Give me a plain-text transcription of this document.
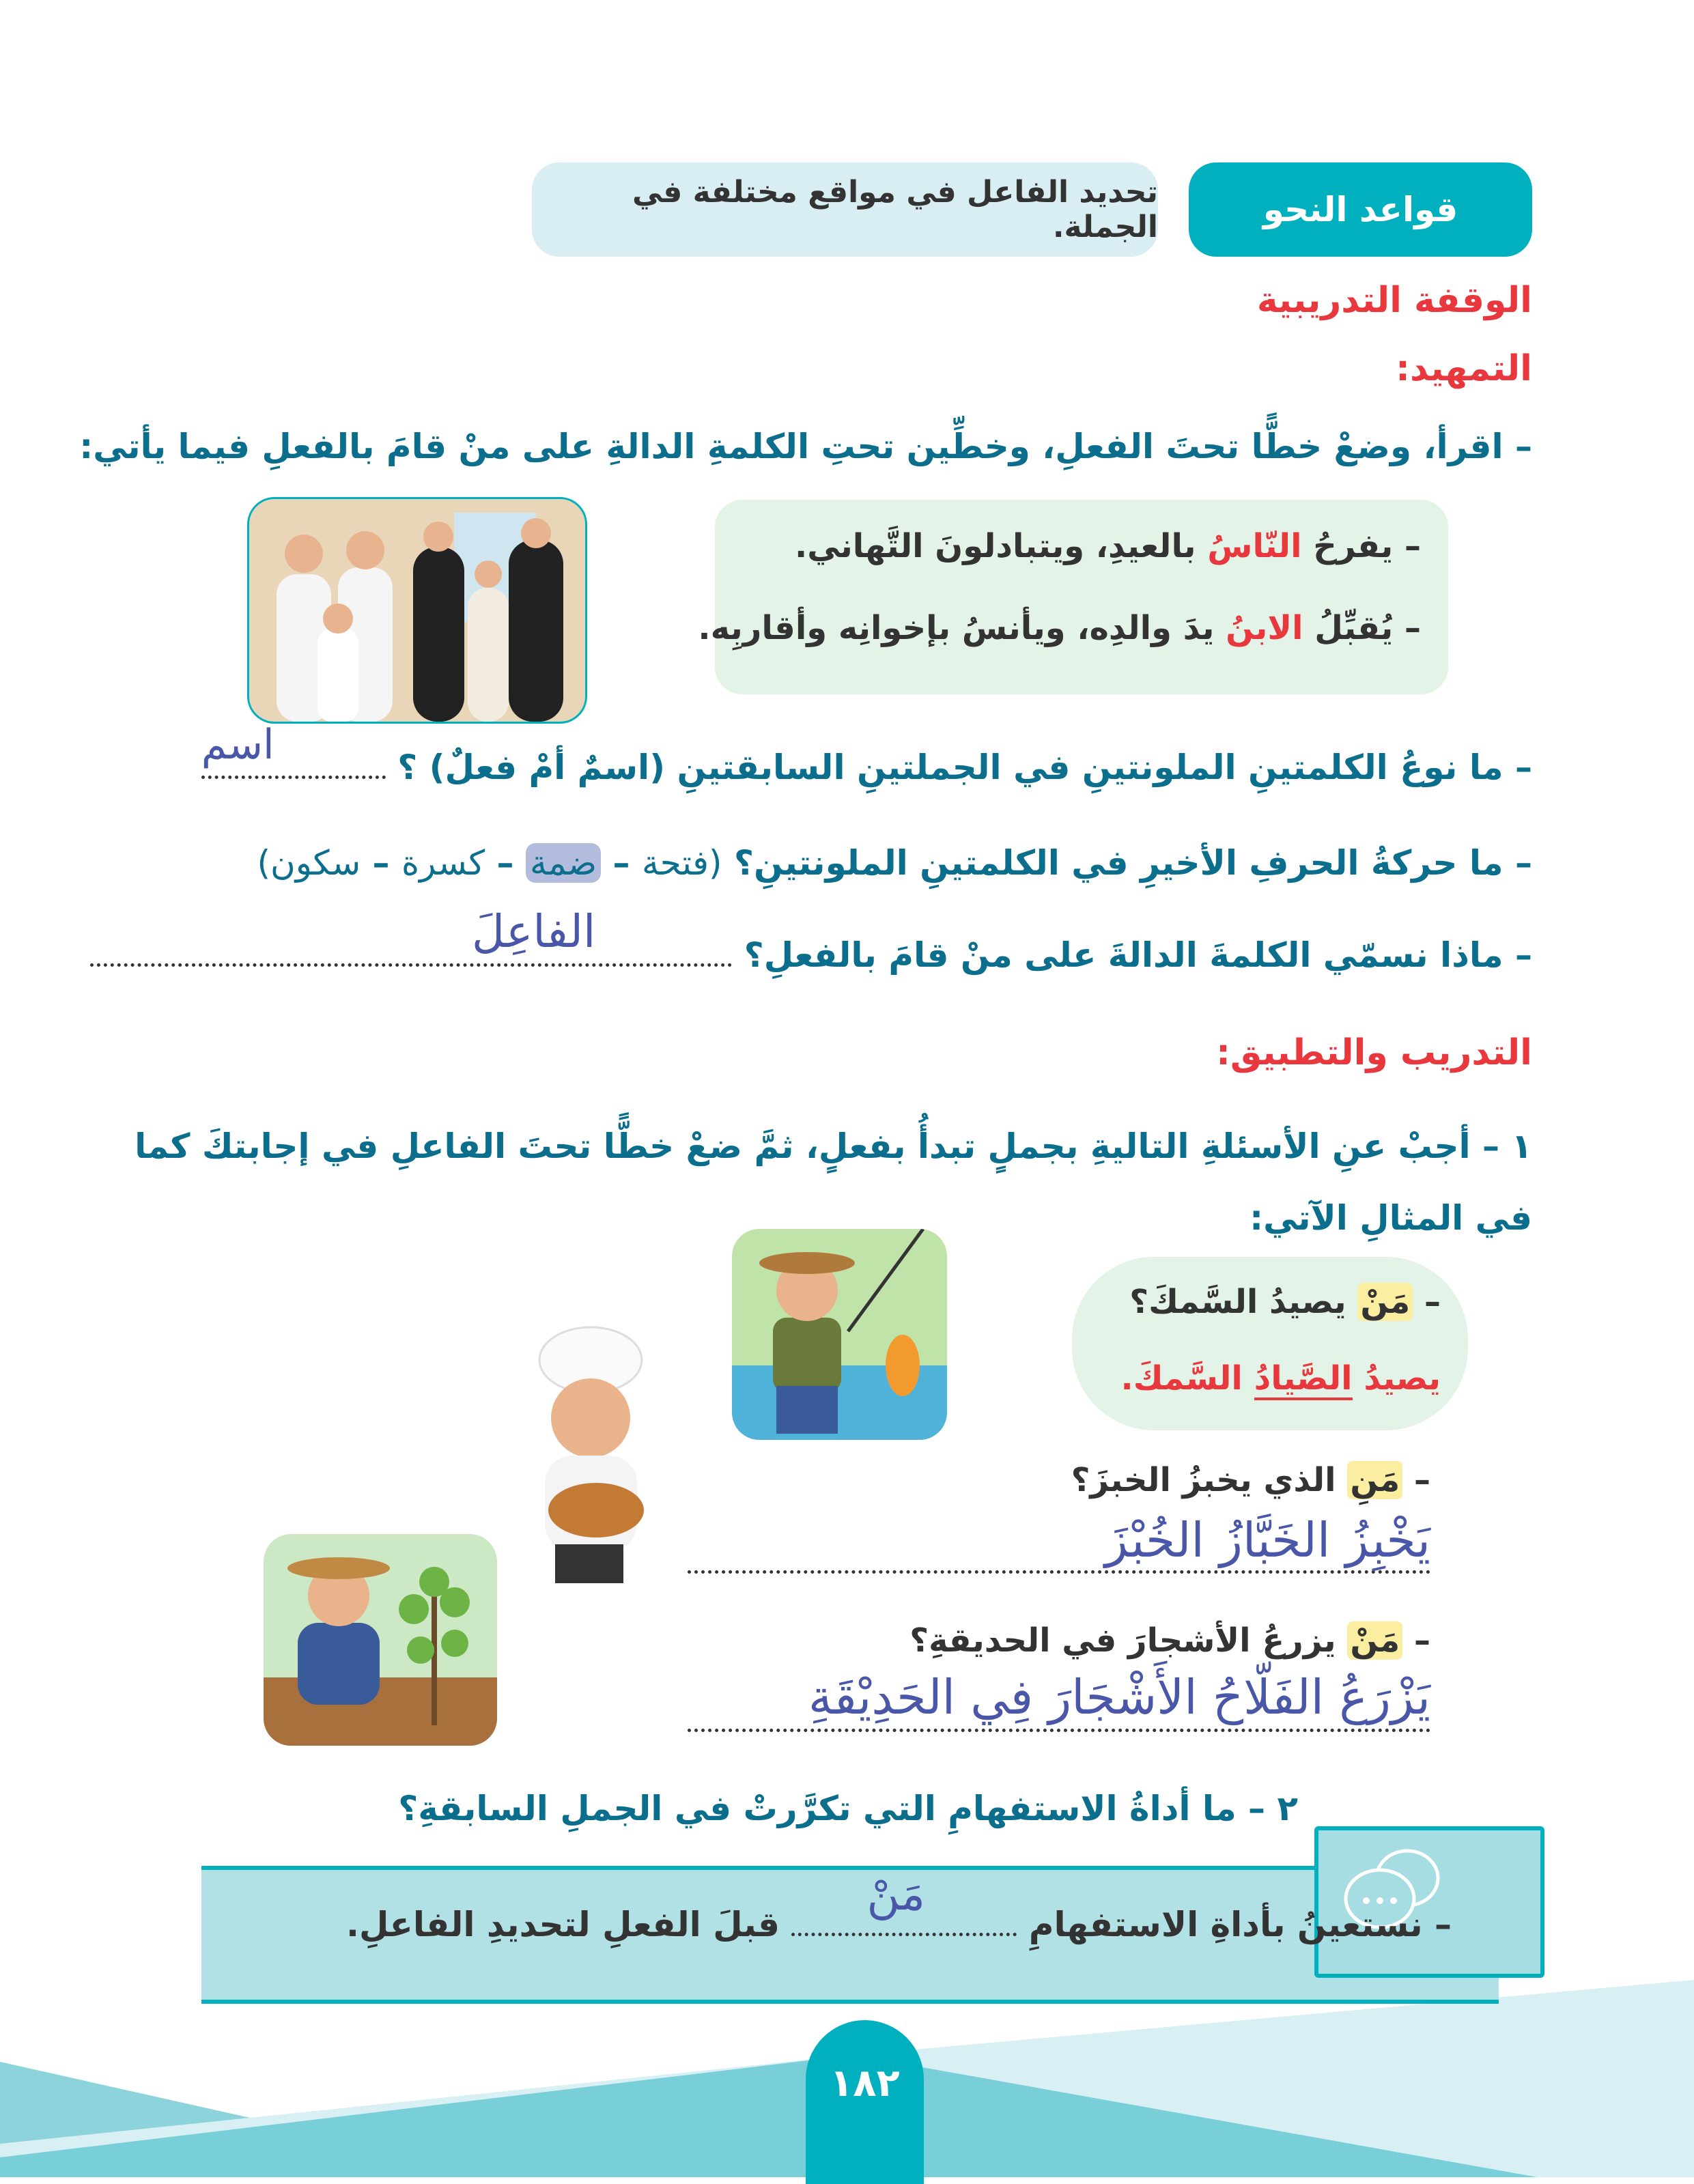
قواعد النحو
تحديد الفاعل في مواقع مختلفة في الجملة.
الوقفة التدريبية
التمهيد:
– اقرأ، وضعْ خطًّا تحتَ الفعلِ، وخطِّين تحتِ الكلمةِ الدالةِ على منْ قامَ بالفعلِ فيما يأتي:
– يفرحُ النّاسُ بالعيدِ، ويتبادلونَ التَّهاني.
– يُقبِّلُ الابنُ يدَ والدِه، ويأنسُ بإخوانِه وأقاربِه.
– ما نوعُ الكلمتينِ الملونتينِ في الجملتينِ السابقتينِ (اسمٌ أمْ فعلٌ) ؟
اسم
– ما حركةُ الحرفِ الأخيرِ في الكلمتينِ الملونتينِ؟ (فتحة – ضمة – كسرة – سكون)
– ماذا نسمّي الكلمةَ الدالةَ على منْ قامَ بالفعلِ؟
الفاعِلَ
التدريب والتطبيق:
١ – أجبْ عنِ الأسئلةِ التاليةِ بجملٍ تبدأُ بفعلٍ، ثمَّ ضعْ خطًّا تحتَ الفاعلِ في إجابتكَ كما
في المثالِ الآتي:
– مَنْ يصيدُ السَّمكَ؟
يصيدُ الصَّيادُ السَّمكَ.
– مَنِ الذي يخبزُ الخبزَ؟
يَخْبِزُ الخَبَّازُ الخُبْزَ
– مَنْ يزرعُ الأشجارَ في الحديقةِ؟
يَزْرَعُ الفَلّاحُ الأَشْجَارَ فِي الحَدِيْقَةِ
٢ – ما أداةُ الاستفهامِ التي تكرَّرتْ في الجملِ السابقةِ؟
– نستعينُ بأداةِ الاستفهامِ
مَنْ
قبلَ الفعلِ لتحديدِ الفاعلِ.
١٨٢
